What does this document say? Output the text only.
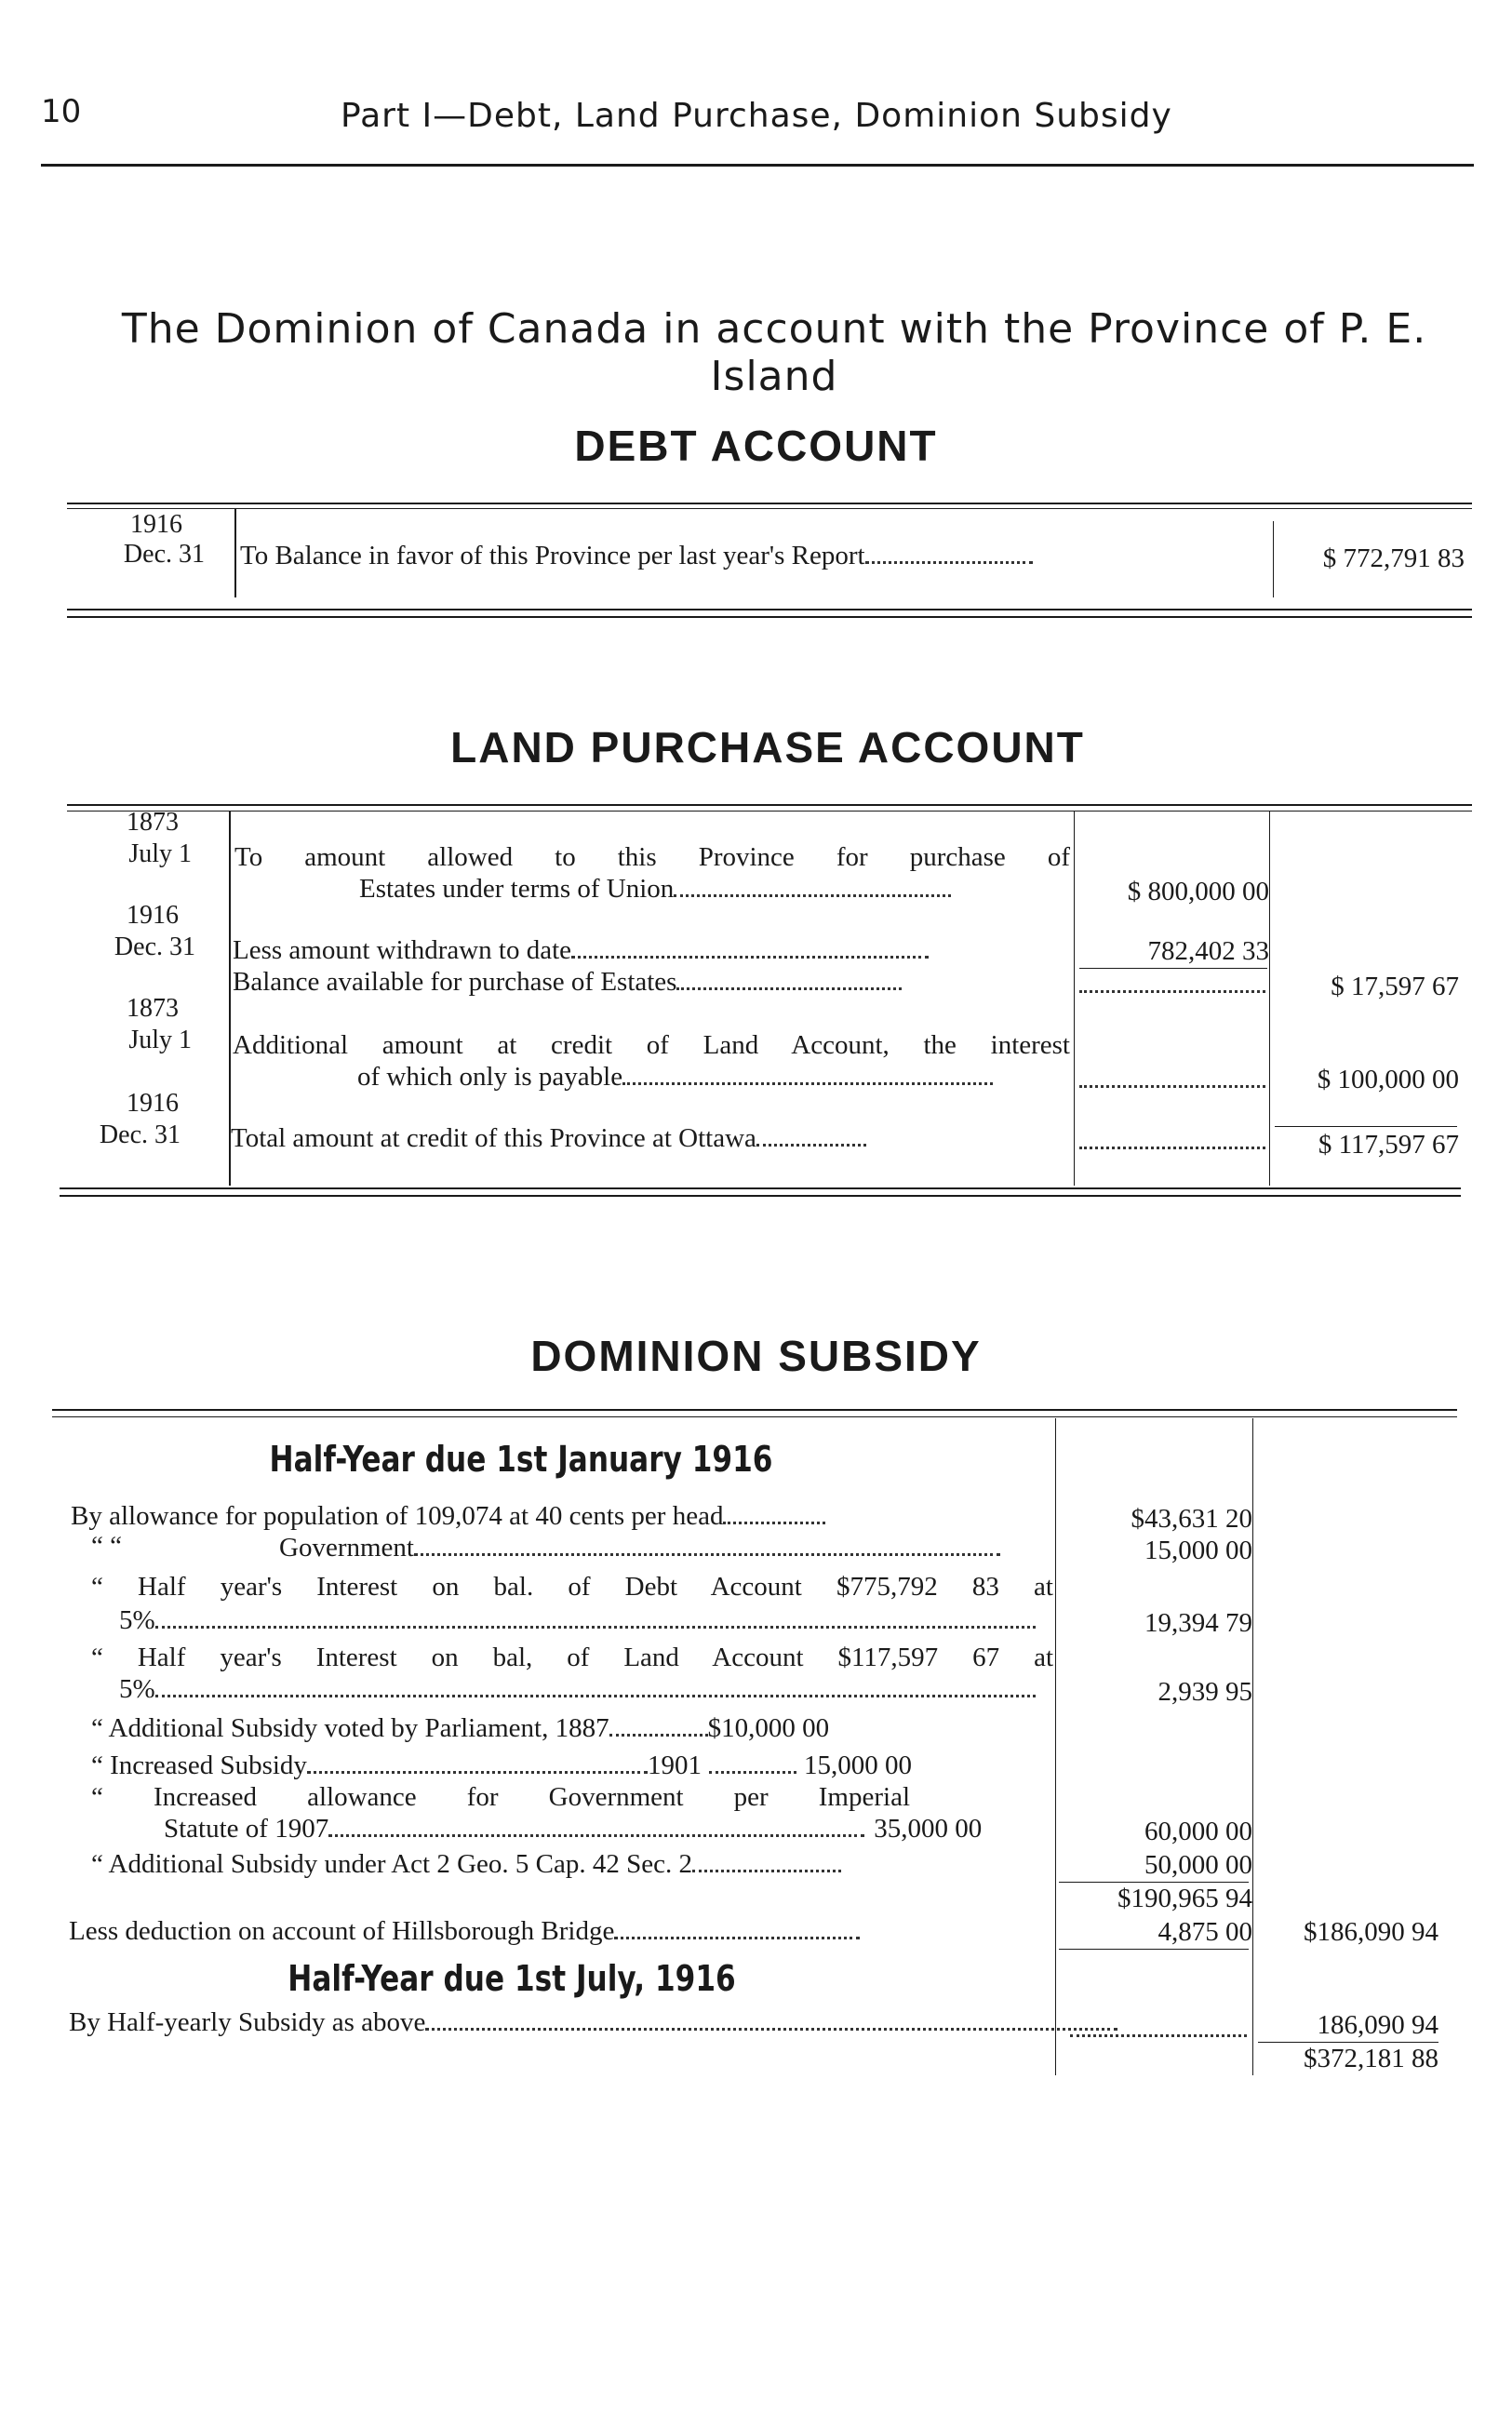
10	Part I—Debt, Land Purchase, Dominion Subsidy
The Dominion of Canada in account with the Province of P. E. Island
DEBT ACCOUNT
1916
Dec. 31 To Balance in favor of this Province per last year's Report	$ 772,791 83
LAND PURCHASE ACCOUNT
1873
July 1 To amount allowed to this Province for purchase of
Estates under terms of Union	$ 800,000 00
1916
Dec. 31 Less amount withdrawn to date	782,402 33
Balance available for purchase of Estates	$ 17,597 67
1873
July 1 Additional amount at credit of Land Account, the interest
of which only is payable	$ 100,000 00
1916
Dec. 31 Total amount at credit of this Province at Ottawa	$ 117,597 67
DOMINION SUBSIDY
Half-Year due 1st January 1916
By allowance for population of 109,074 at 40 cents per head	$43,631 20
“ “	Government	15,000 00
“ Half year's Interest on bal. of Debt Account $775,792 83 at
5%	19,394 79
“ Half year's Interest on bal, of Land Account $117,597 67 at
5%	2,939 95
“ Additional Subsidy voted by Parliament, 1887	$10,000 00
“ Increased Subsidy	1901	15,000 00
“ Increased allowance for Government per Imperial
Statute of 1907	35,000 00	60,000 00
“ Additional Subsidy under Act 2 Geo. 5 Cap. 42 Sec. 2	50,000 00
$190,965 94
Less deduction on account of Hillsborough Bridge	4,875 00	$186,090 94
Half-Year due 1st July, 1916
By Half-yearly Subsidy as above	186,090 94
$372,181 88
